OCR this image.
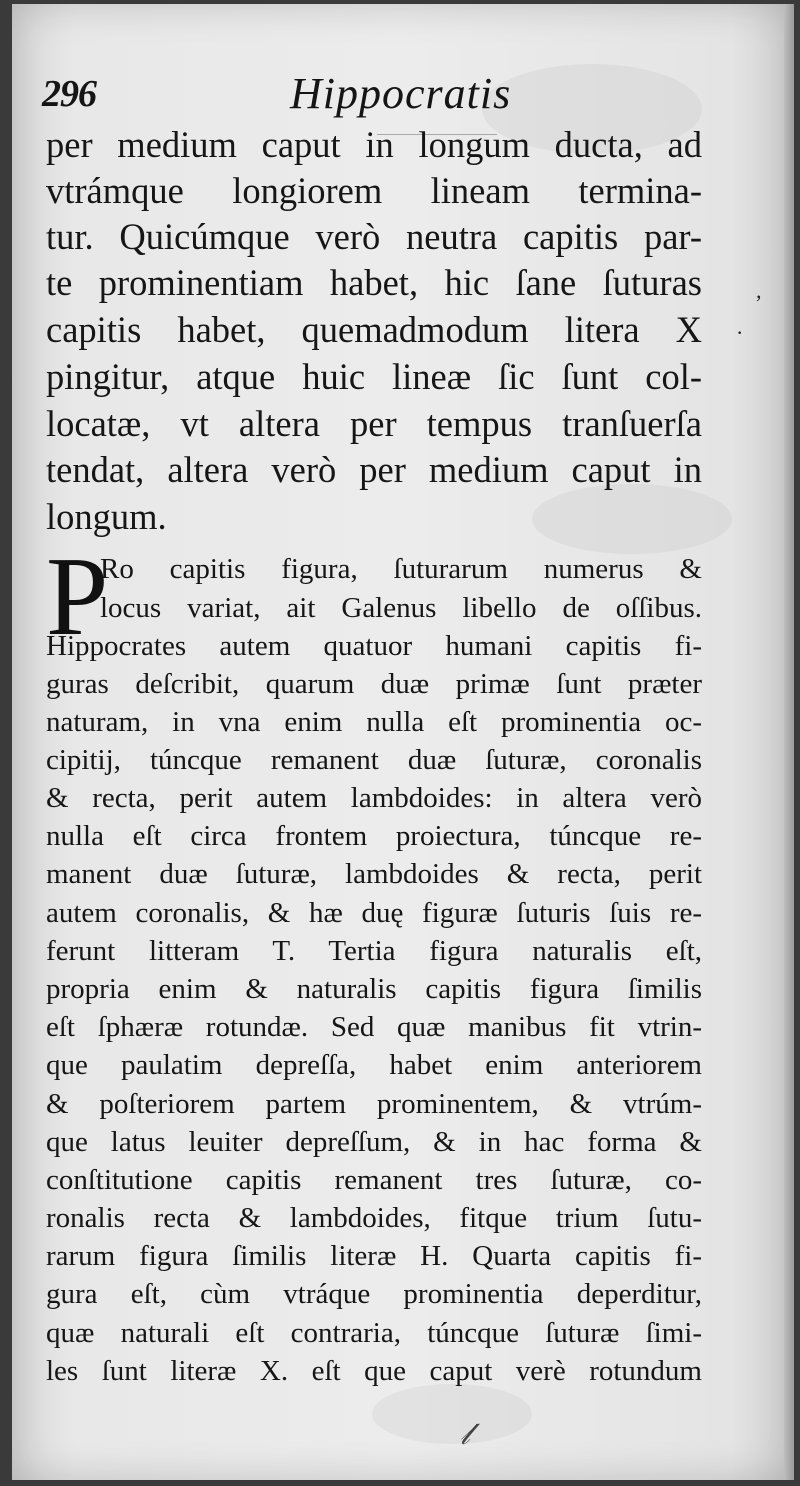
296	Hippocratis
per medium caput in longum ducta, ad
vtrámque longiorem lineam termina-
tur. Quicúmque verò neutra capitis par-
te prominentiam habet, hic ſane ſuturas
capitis habet, quemadmodum litera X
pingitur, atque huic lineæ ſic ſunt col-
locatæ, vt altera per tempus tranſuerſa
tendat, altera verò per medium caput in
longum.
P
Ro capitis figura, ſuturarum numerus &
locus variat, ait Galenus libello de oſſibus.
Hippocrates autem quatuor humani capitis fi-
guras deſcribit, quarum duæ primæ ſunt præter
naturam, in vna enim nulla eſt prominentia oc-
cipitij, túncque remanent duæ ſuturæ, coronalis
& recta, perit autem lambdoides: in altera verò
nulla eſt circa frontem proiectura, túncque re-
manent duæ ſuturæ, lambdoides & recta, perit
autem coronalis, & hæ duę figuræ ſuturis ſuis re-
ferunt litteram T. Tertia figura naturalis eſt,
propria enim & naturalis capitis figura ſimilis
eſt ſphæræ rotundæ. Sed quæ manibus fit vtrin-
que paulatim depreſſa, habet enim anteriorem
& poſteriorem partem prominentem, & vtrúm-
que latus leuiter depreſſum, & in hac forma &
conſtitutione capitis remanent tres ſuturæ, co-
ronalis recta & lambdoides, fitque trium ſutu-
rarum figura ſimilis literæ H. Quarta capitis fi-
gura eſt, cùm vtráque prominentia deperditur,
quæ naturali eſt contraria, túncque ſuturæ ſimi-
les ſunt literæ X. eſt que caput verè rotundum
·
,
𝓁
